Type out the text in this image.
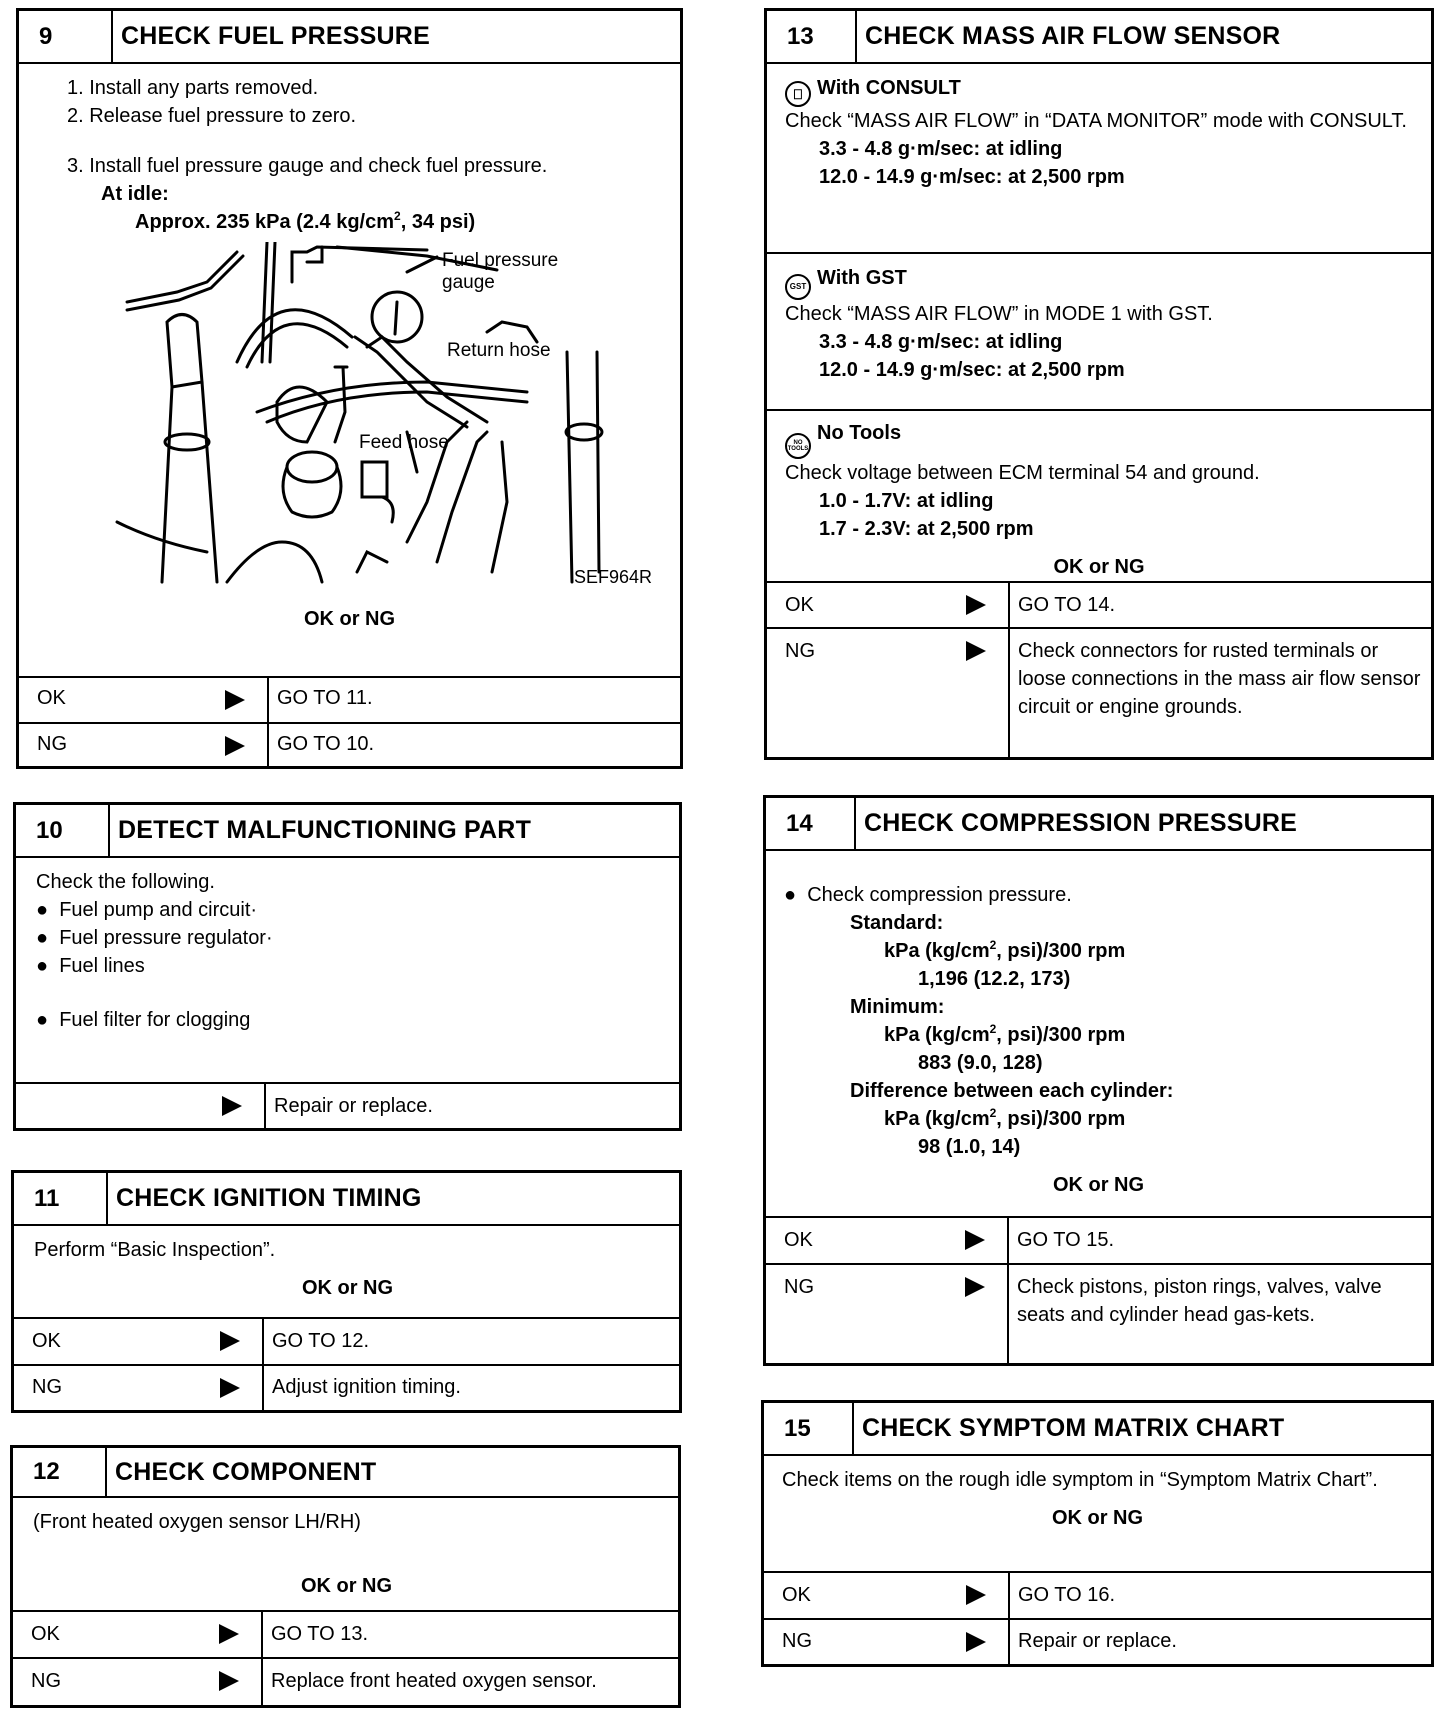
9	CHECK FUEL PRESSURE

1. Install any parts removed.

2. Release fuel pressure to zero.

3. Install fuel pressure gauge and check fuel pressure.

At idle:

Approx. 235 kPa (2.4 $kg/cm^2$, 34 psi)

Fuel pressure
gauge
Return hose
Feed hose
SEF964R

OK or NG

OK	GO TO 11.
NG	GO TO 10.
10	DETECT MALFUNCTIONING PART

Check the following.

●  Fuel pump and circuit·

●  Fuel pressure regulator·

●  Fuel lines

●  Fuel filter for clogging

Repair or replace.
11	CHECK IGNITION TIMING

Perform “Basic Inspection”.

OK or NG

OK	GO TO 12.
NG	Adjust ignition timing.
12	CHECK COMPONENT

(Front heated oxygen sensor LH/RH)

OK or NG

OK	GO TO 13.
NG	Replace front heated oxygen sensor.
13	CHECK MASS AIR FLOW SENSOR

⎕ With CONSULT

Check “MASS AIR FLOW” in “DATA MONITOR” mode with CONSULT.

3.3 - 4.8 g·m/sec: at idling

12.0 - 14.9 g·m/sec: at 2,500 rpm

GST With GST

Check “MASS AIR FLOW” in MODE 1 with GST.

3.3 - 4.8 g·m/sec: at idling

12.0 - 14.9 g·m/sec: at 2,500 rpm

NO TOOLSNo Tools

Check voltage between ECM terminal 54 and ground.

1.0 - 1.7V: at idling

1.7 - 2.3V: at 2,500 rpm

OK or NG

OK	GO TO 14.
NG	Check connectors for rusted terminals or loose connections in the mass air flow sensor circuit or engine grounds.
14	CHECK COMPRESSION PRESSURE

●  Check compression pressure.

Standard:

kPa ($kg/cm^2$, psi)/300 rpm

1,196 (12.2, 173)

Minimum:

kPa ($kg/cm^2$, psi)/300 rpm

883 (9.0, 128)

Difference between each cylinder:

kPa ($kg/cm^2$, psi)/300 rpm

98 (1.0, 14)

OK or NG

OK	GO TO 15.
NG	Check pistons, piston rings, valves, valve seats and cylinder head gas-kets.
15	CHECK SYMPTOM MATRIX CHART

Check items on the rough idle symptom in “Symptom Matrix Chart”.

OK or NG

OK	GO TO 16.
NG	Repair or replace.
